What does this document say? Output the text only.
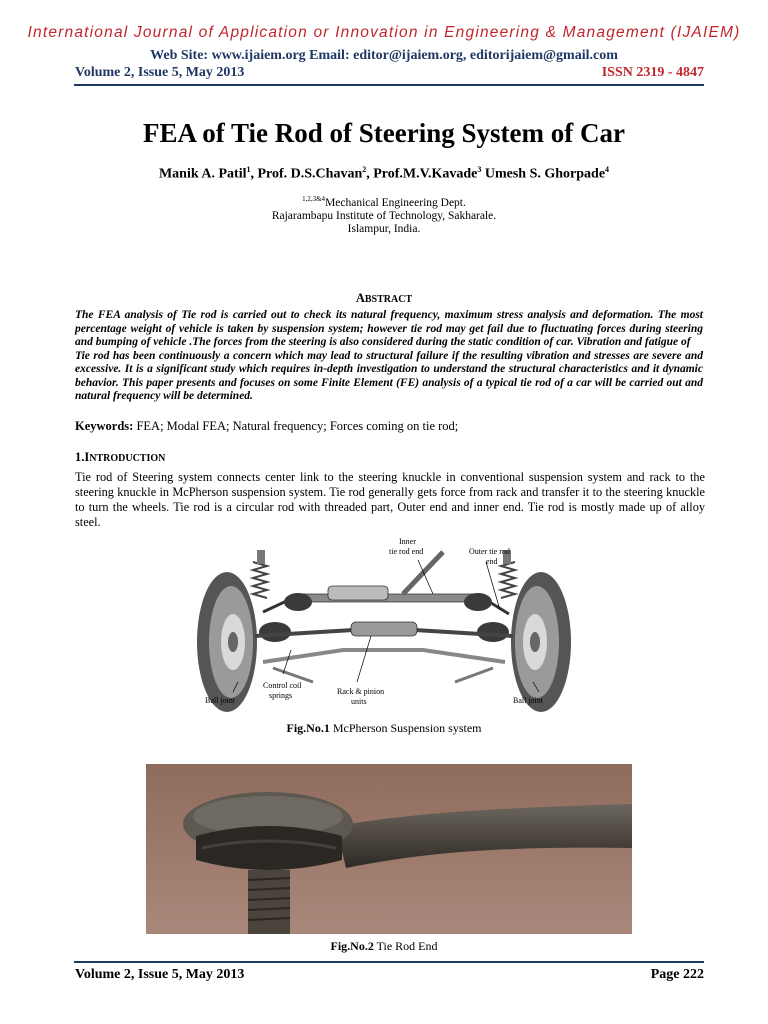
International Journal of Application or Innovation in Engineering & Management (IJAIEM)
Web Site: www.ijaiem.org Email: editor@ijaiem.org, editorijaiem@gmail.com
Volume 2, Issue 5, May 2013	ISSN 2319 - 4847
FEA of Tie Rod of Steering System of Car
Manik A. Patil$^1$, Prof. D.S.Chavan$^2$, Prof.M.V.Kavade$^3$ Umesh S. Ghorpade$^4$
$^{1,2,3\&4}$Mechanical Engineering Dept.
Rajarambapu Institute of Technology, Sakharale.
Islampur, India.
ABSTRACT
The FEA analysis of Tie rod is carried out to check its natural frequency, maximum stress analysis and deformation. The most percentage weight of vehicle is taken by suspension system; however tie rod may get fail due to fluctuating forces during steering and bumping of vehicle .The forces from the steering is also considered during the static condition of car. Vibration and fatigue of
Tie rod has been continuously a concern which may lead to structural failure if the resulting vibration and stresses are severe and excessive. It is a significant study which requires in-depth investigation to understand the structural characteristics and it dynamic behavior. This paper presents and focuses on some Finite Element (FE) analysis of a typical tie rod of a car will be carried out and natural frequency will be determined.
Keywords: FEA; Modal FEA; Natural frequency; Forces coming on tie rod;
1.INTRODUCTION
Tie rod of Steering system connects center link to the steering knuckle in conventional suspension system and rack to the steering knuckle in McPherson suspension system. Tie rod generally gets force from rack and transfer it to the steering knuckle to turn the wheels. Tie rod is a circular rod with threaded part, Outer end and inner end. Tie rod is mostly made up of alloy steel.
Inner
tie rod end	Outer tie rod
end
Ball joint	Ball joint
Control coil
springs	Rack & pinion
units
Fig.No.1 McPherson Suspension system
Fig.No.2 Tie Rod End
Volume 2, Issue 5, May 2013	Page 222
